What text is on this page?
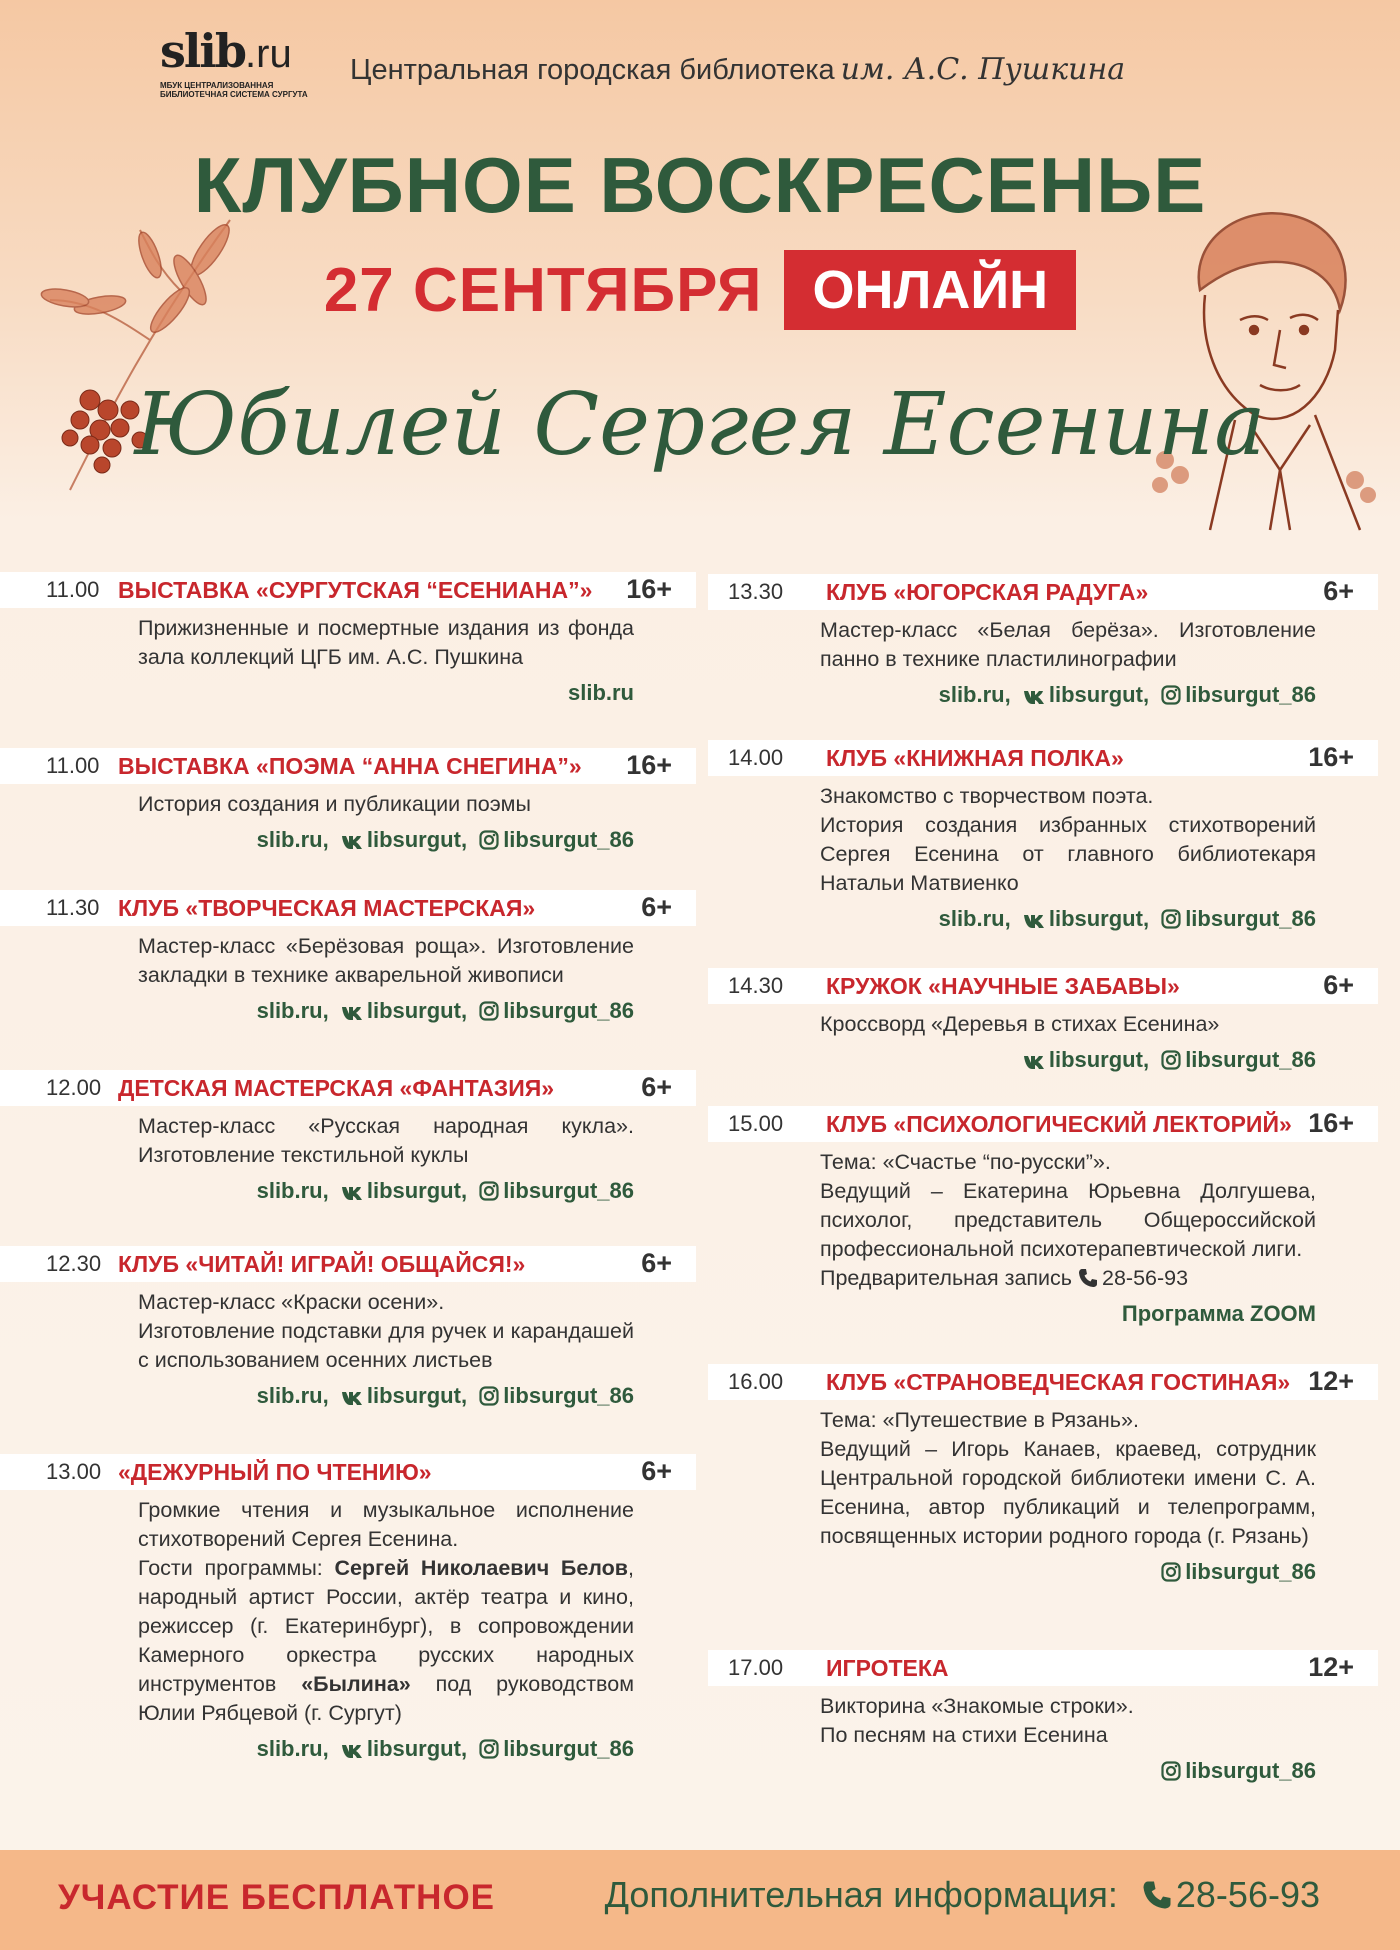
slib.ru
МБУК ЦЕНТРАЛИЗОВАННАЯ БИБЛИОТЕЧНАЯ СИСТЕМА СУРГУТА
Центральная городская библиотека им. А.С. Пушкина
КЛУБНОЕ ВОСКРЕСЕНЬЕ
27 СЕНТЯБРЯ ОНЛАЙН
Юбилей Сергея Есенина
11.00 ВЫСТАВКА «СУРГУТСКАЯ “ЕСЕНИАНА”» 16+

Прижизненные и посмертные издания из фонда зала коллекций ЦГБ им. А.С. Пушкина

slib.ru
11.00 ВЫСТАВКА «ПОЭМА “АННА СНЕГИНА”» 16+

История создания и публикации поэмы

slib.ru, libsurgut, libsurgut_86
11.30 КЛУБ «ТВОРЧЕСКАЯ МАСТЕРСКАЯ»	6+

Мастер-класс «Берёзовая роща». Изготовление закладки в технике акварельной живописи

slib.ru, libsurgut, libsurgut_86
12.00 ДЕТСКАЯ МАСТЕРСКАЯ «ФАНТАЗИЯ»	6+

Мастер-класс «Русская народная кукла». Изготовление текстильной куклы

slib.ru, libsurgut, libsurgut_86
12.30 КЛУБ «ЧИТАЙ! ИГРАЙ! ОБЩАЙСЯ!»	6+

Мастер-класс «Краски осени».

Изготовление подставки для ручек и карандашей с использованием осенних листьев

slib.ru, libsurgut, libsurgut_86
13.00 «ДЕЖУРНЫЙ ПО ЧТЕНИЮ»	6+

Громкие чтения и музыкальное исполнение стихотворений Сергея Есенина.

Гости программы: Сергей Николаевич Белов, народный артист России, актёр театра и кино, режиссер (г. Екатеринбург), в сопровождении Камерного оркестра русских народных инструментов «Былина» под руководством Юлии Рябцевой (г. Сургут)

slib.ru, libsurgut, libsurgut_86
13.30	КЛУБ «ЮГОРСКАЯ РАДУГА»	6+

Мастер-класс «Белая берёза». Изготовление панно в технике пластилинографии

slib.ru, libsurgut, libsurgut_86
14.00	КЛУБ «КНИЖНАЯ ПОЛКА»	16+

Знакомство с творчеством поэта.

История создания избранных стихотворений Сергея Есенина от главного библиотекаря Натальи Матвиенко

slib.ru, libsurgut, libsurgut_86
14.30	КРУЖОК «НАУЧНЫЕ ЗАБАВЫ»	6+

Кроссворд «Деревья в стихах Есенина»

libsurgut, libsurgut_86
15.00	КЛУБ «ПСИХОЛОГИЧЕСКИЙ ЛЕКТОРИЙ» 16+

Тема: «Счастье “по-русски”».

Ведущий – Екатерина Юрьевна Долгушева, психолог, представитель Общероссийской профессиональной психотерапевтической лиги.

Предварительная запись 28-56-93

Программа ZOOM
16.00	КЛУБ «СТРАНОВЕДЧЕСКАЯ ГОСТИНАЯ» 12+

Тема: «Путешествие в Рязань».

Ведущий – Игорь Канаев, краевед, сотрудник Центральной городской библиотеки имени С. А. Есенина, автор публикаций и телепрограмм, посвященных истории родного города (г. Рязань)

libsurgut_86
17.00	ИГРОТЕКА	12+

Викторина «Знакомые строки».

По песням на стихи Есенина

libsurgut_86
УЧАСТИЕ БЕСПЛАТНОЕ	Дополнительная информация: 28-56-93
